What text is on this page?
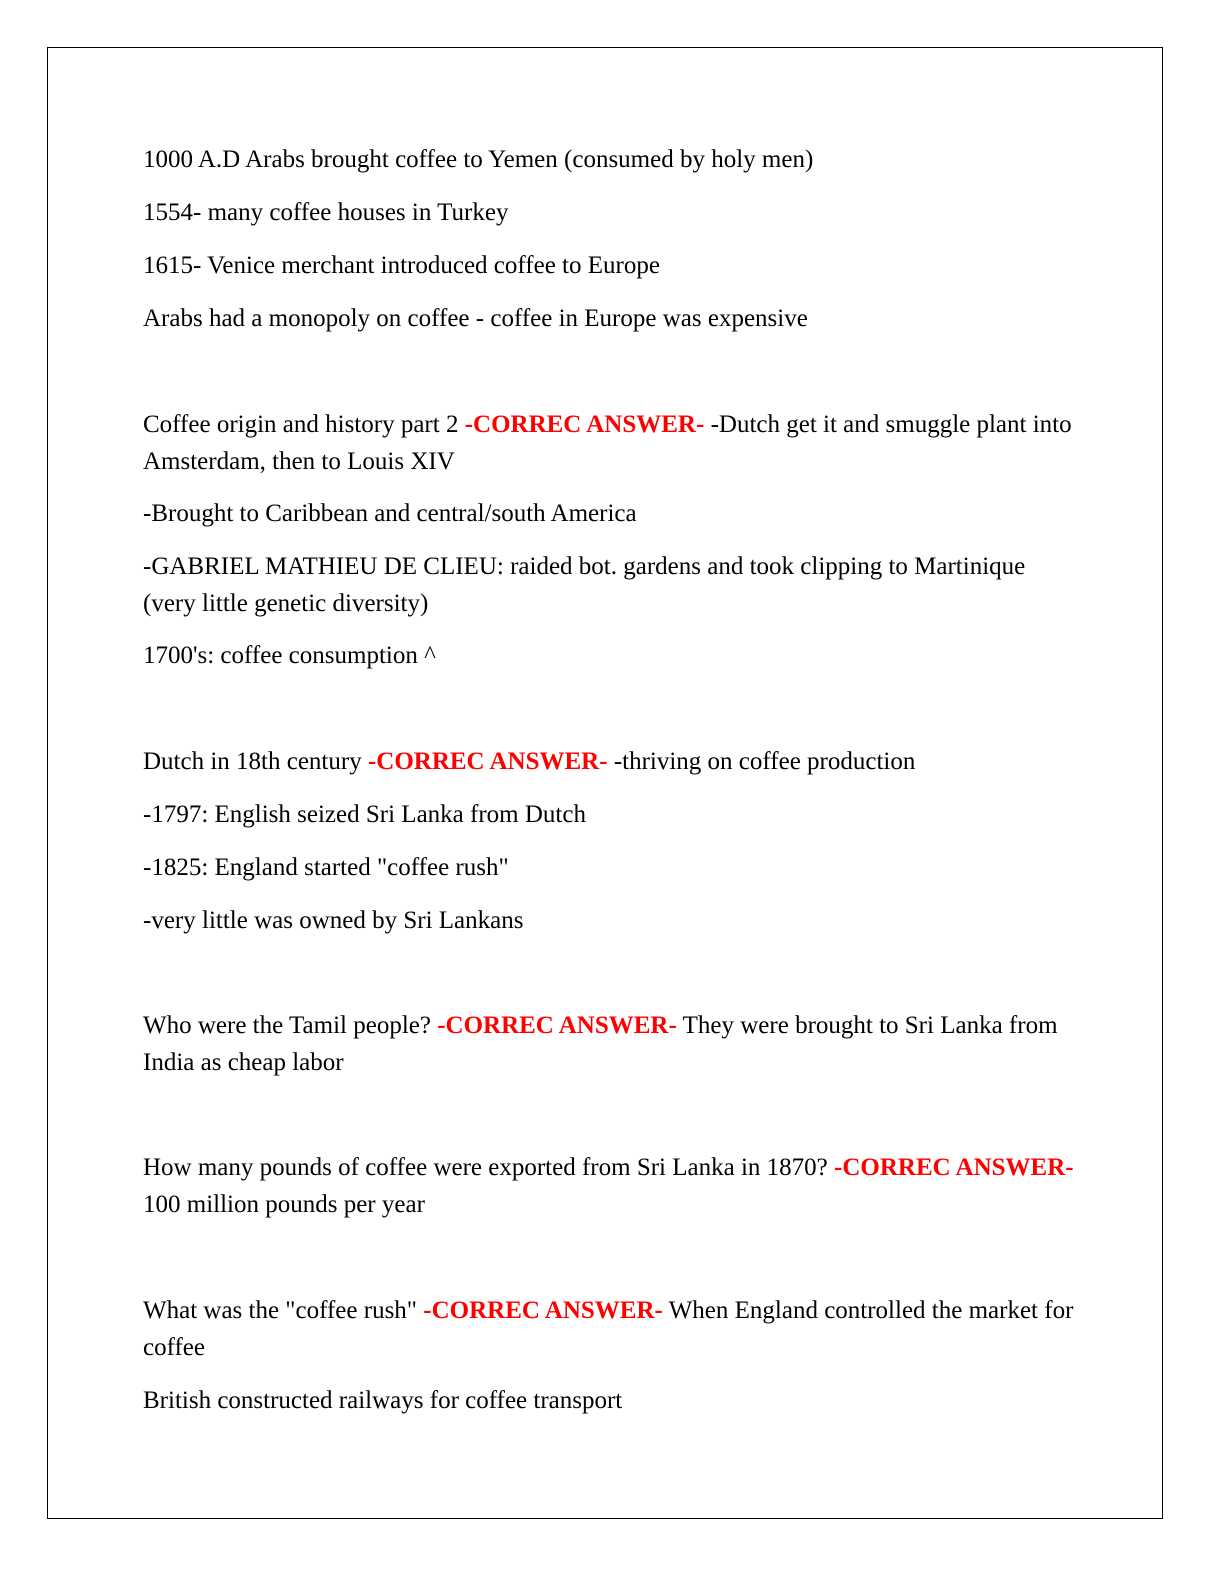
1000 A.D Arabs brought coffee to Yemen (consumed by holy men)
1554- many coffee houses in Turkey
1615- Venice merchant introduced coffee to Europe
Arabs had a monopoly on coffee - coffee in Europe was expensive
Coffee origin and history part 2 -CORREC ANSWER- -Dutch get it and smuggle plant into Amsterdam, then to Louis XIV
-Brought to Caribbean and central/south America
-GABRIEL MATHIEU DE CLIEU: raided bot. gardens and took clipping to Martinique (very little genetic diversity)
1700's: coffee consumption ^
Dutch in 18th century -CORREC ANSWER- -thriving on coffee production
-1797: English seized Sri Lanka from Dutch
-1825: England started "coffee rush"
-very little was owned by Sri Lankans
Who were the Tamil people? -CORREC ANSWER- They were brought to Sri Lanka from India as cheap labor
How many pounds of coffee were exported from Sri Lanka in 1870? -CORREC ANSWER- 100 million pounds per year
What was the "coffee rush" -CORREC ANSWER- When England controlled the market for coffee
British constructed railways for coffee transport
